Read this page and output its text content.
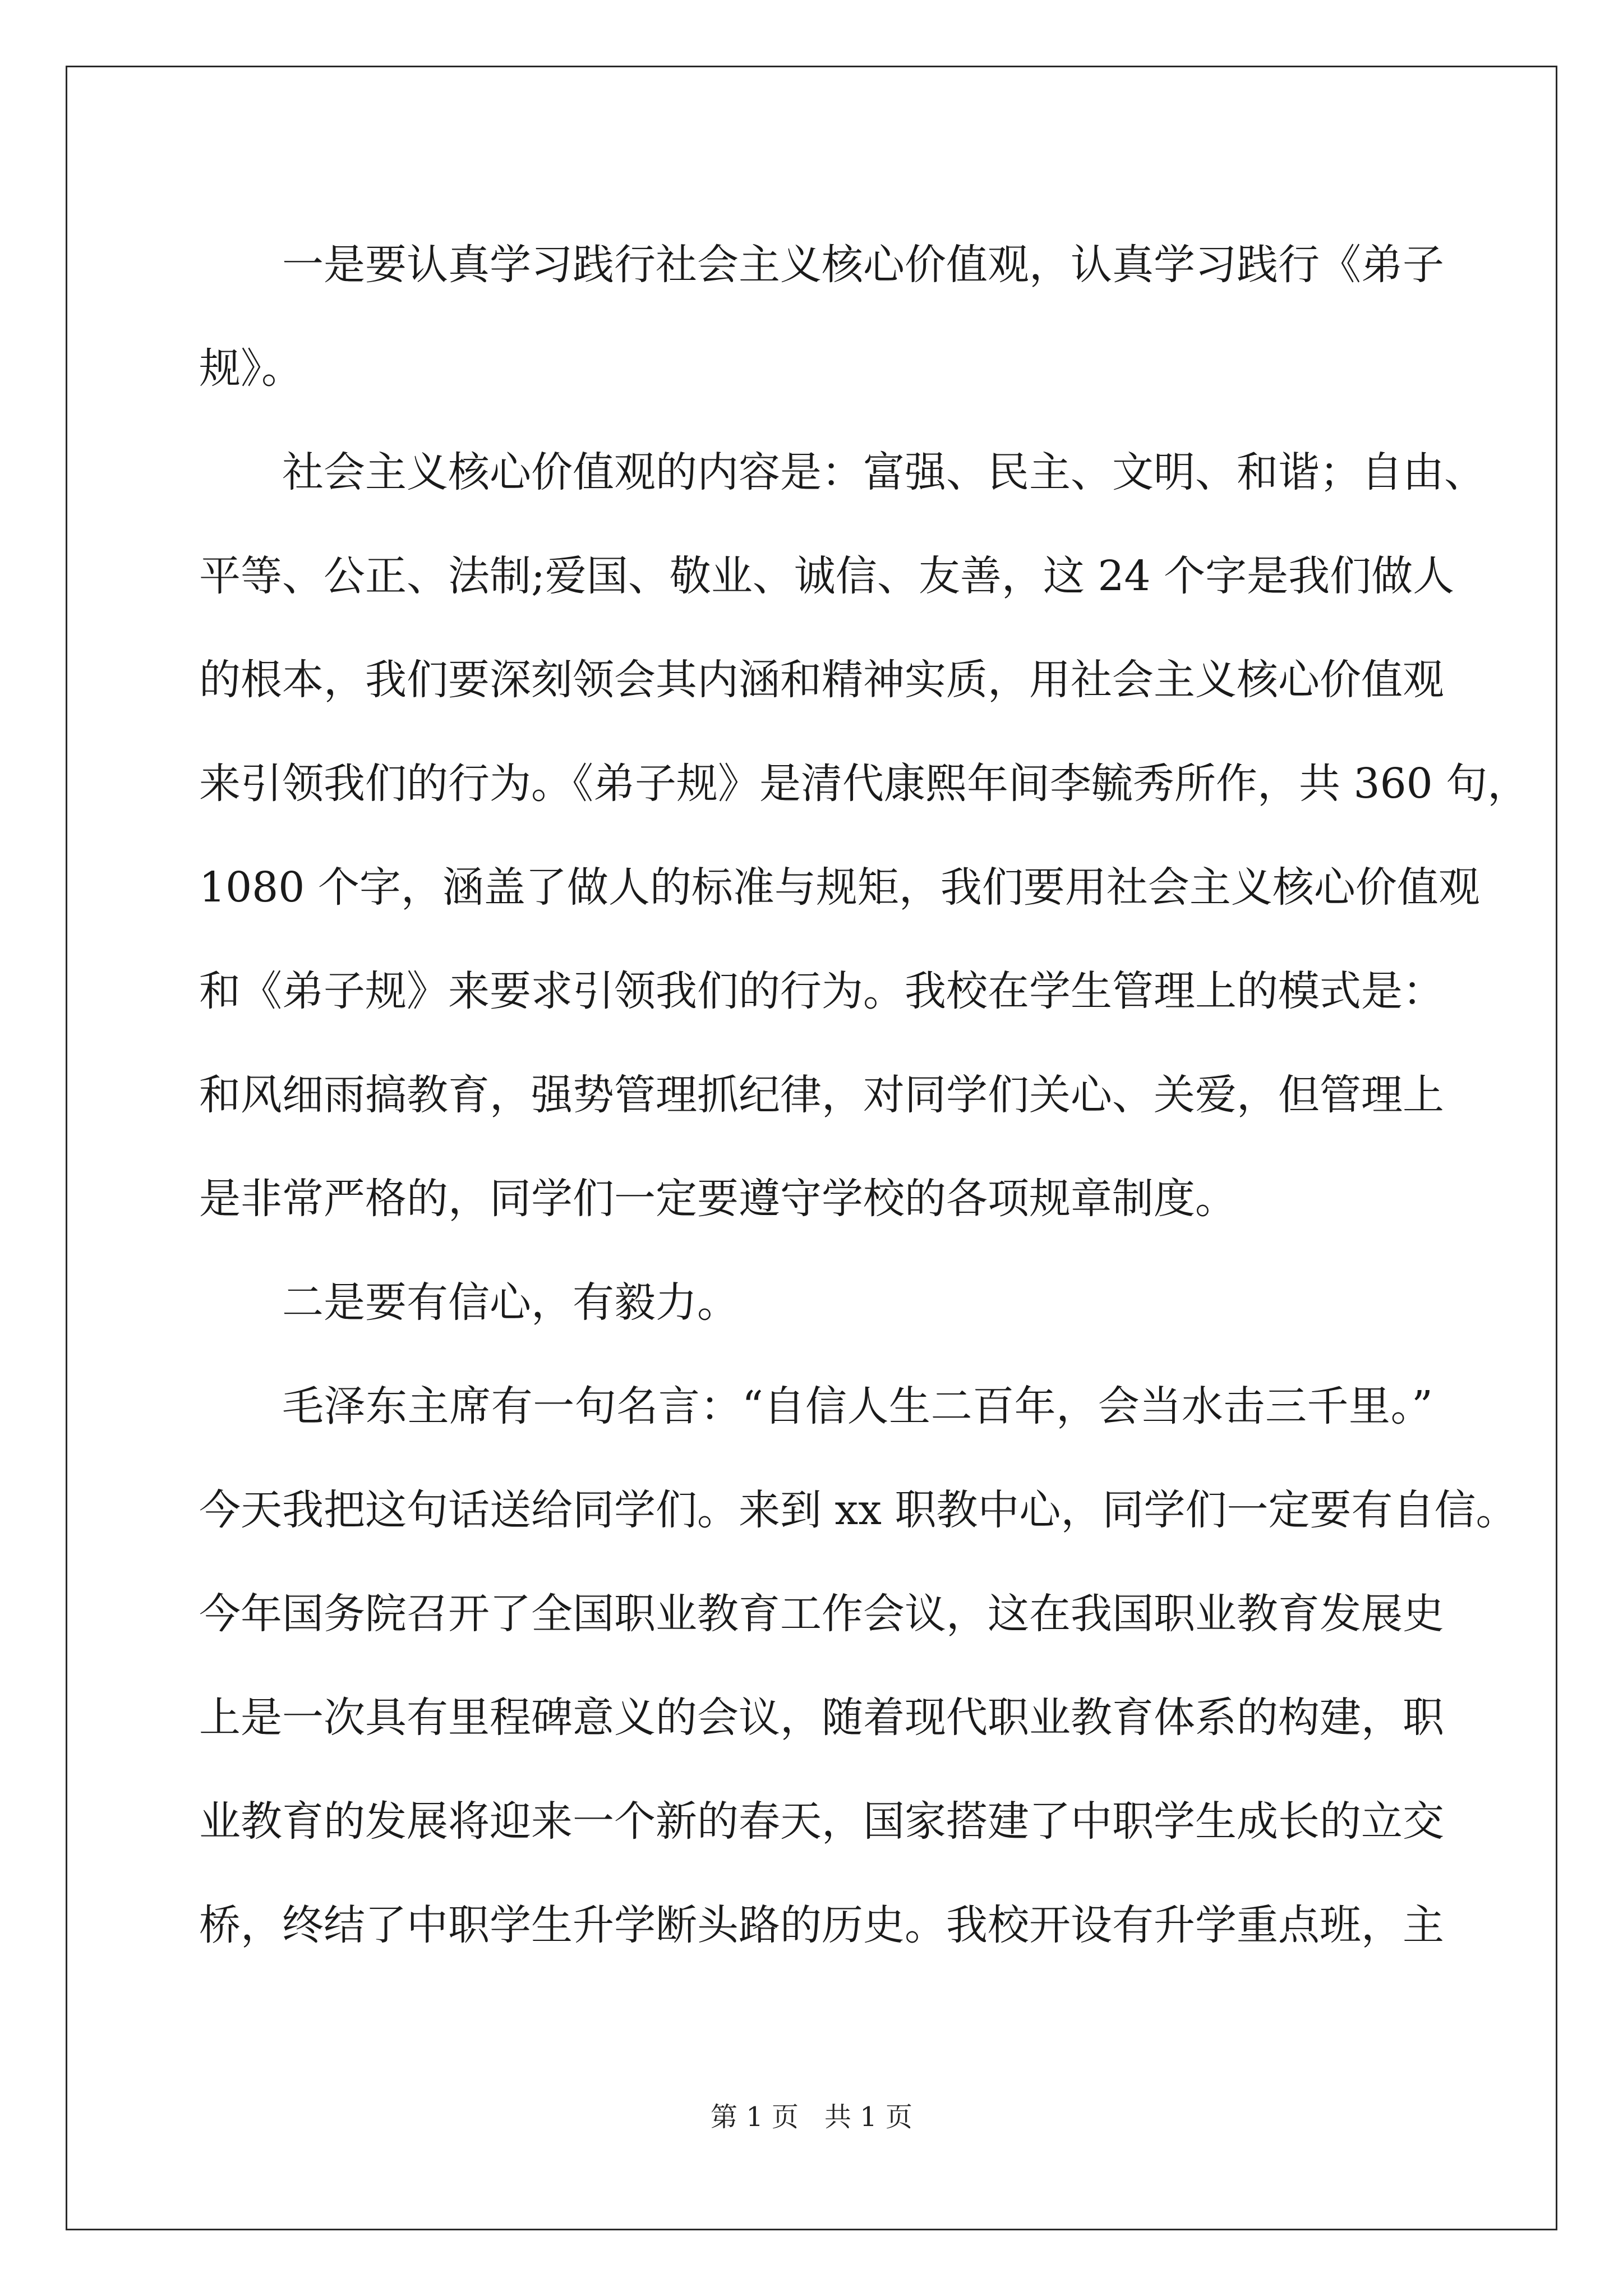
一是要认真学习践行社会主义核心价值观，认真学习践行《弟子
规》。
社会主义核心价值观的内容是：富强、民主、文明、和谐；自由、
平等、公正、法制;爱国、敬业、诚信、友善，这 24 个字是我们做人
的根本，我们要深刻领会其内涵和精神实质，用社会主义核心价值观
来引领我们的行为。《弟子规》是清代康熙年间李毓秀所作，共 360 句，
1080 个字，涵盖了做人的标准与规矩，我们要用社会主义核心价值观
和《弟子规》来要求引领我们的行为。我校在学生管理上的模式是：
和风细雨搞教育，强势管理抓纪律，对同学们关心、关爱，但管理上
是非常严格的，同学们一定要遵守学校的各项规章制度。
二是要有信心，有毅力。
毛泽东主席有一句名言：“自信人生二百年，会当水击三千里。”
今天我把这句话送给同学们。来到 xx 职教中心，同学们一定要有自信。
今年国务院召开了全国职业教育工作会议，这在我国职业教育发展史
上是一次具有里程碑意义的会议，随着现代职业教育体系的构建，职
业教育的发展将迎来一个新的春天，国家搭建了中职学生成长的立交
桥，终结了中职学生升学断头路的历史。我校开设有升学重点班，主
第 1 页 共 1 页
